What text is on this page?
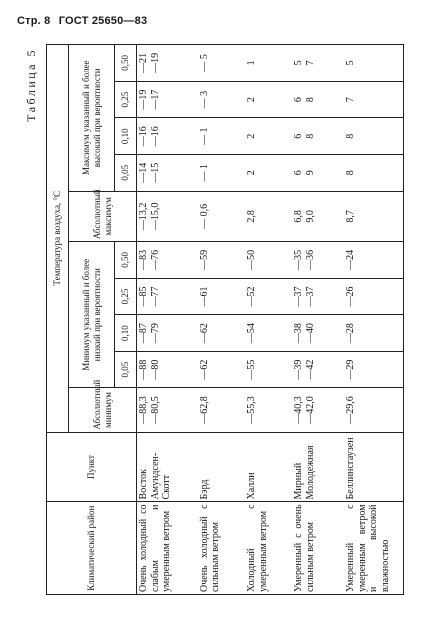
Стр. 8 ГОСТ 25650—83
Таблица 5
Климатический район	Пункт	Температура воздуха, °С									
		Абсолютный минимум	Минимум указанный и более низкий при вероятности				Абсолютный максимум	Максимум указанный и более высокий при вероятности			
			0,05	0,10	0,25	0,50		0,05	0,10	0,25	0,50
Очень холодный со слабым и умеренным ветром	Восток Амундсен-Скотт	—88,3 —80,5	—88 —80	—87 —79	—85 —77	—83 —76	—13,2 —15,0	—14 —15	—16 —16	—19 —17	—21 —19

Очень холодный с сильным ветром	Бэрд	—62,8	—62	—62	—61	—59	— 0,6	— 1	— 1	— 3	— 5
Холодный с умеренным ветром	Халли	—55,3	—55	—54	—52	—50	2,8	2	2	2	1
Умеренный с очень сильным ветром	Мирный Молодежная	—40,3 —42,0	—39 —42	—38 —40	—37 —37	—35 —36	6,8 9,0	6 9	6 8	6 8	5 7

Умеренный с умеренным ветром и высокой влажностью	Беллинсгаузен	—29,6	—29	—28	—26	—24	8,7	8	8	7	5
